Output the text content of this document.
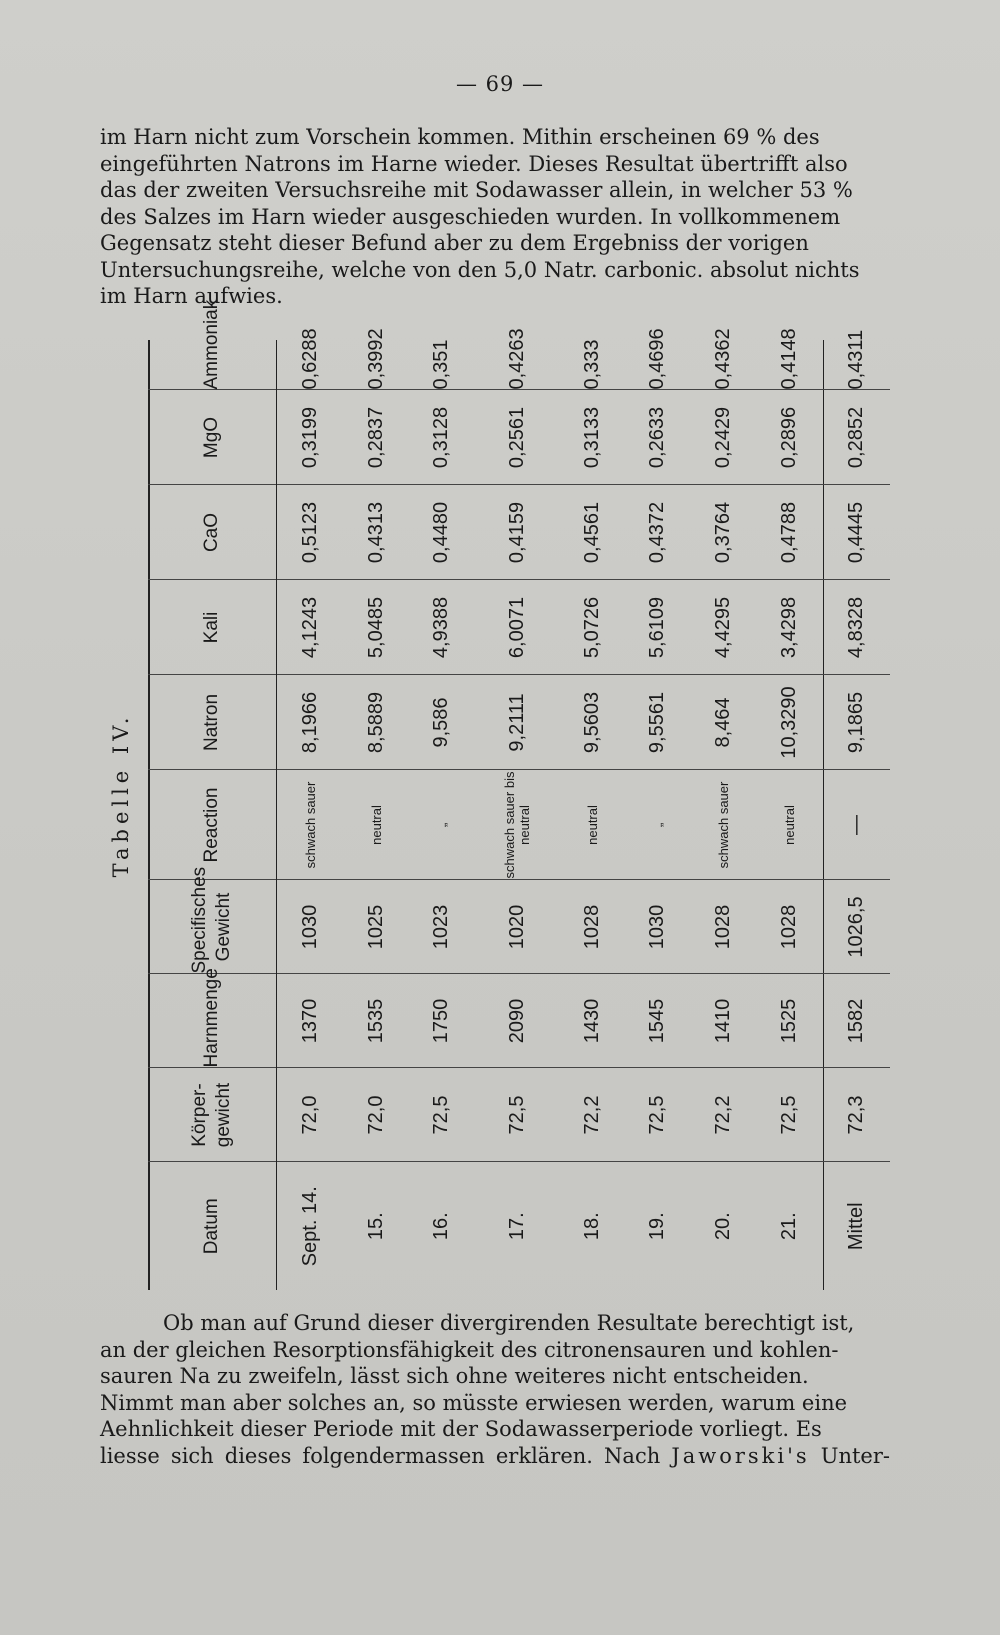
— 69 —

im Harn nicht zum Vorschein kommen. Mithin erscheinen 69 % des

eingeführten Natrons im Harne wieder. Dieses Resultat übertrifft also

das der zweiten Versuchsreihe mit Sodawasser allein, in welcher 53 %

des Salzes im Harn wieder ausgeschieden wurden. In vollkommenem

Gegensatz steht dieser Befund aber zu dem Ergebniss der vorigen

Untersuchungsreihe, welche von den 5,0 Natr. carbonic. absolut nichts

im Harn aufwies.

Tabelle IV.
Datum	Körper-gewicht	Harnmenge	Specifisches Gewicht	Reaction	Natron	Kali	CaO	MgO	Ammoniak
Sept. 14.	72,0	1370	1030	schwach sauer	8,1966	4,1243	0,5123	0,3199	0,6288
15.	72,0	1535	1025	neutral	8,5889	5,0485	0,4313	0,2837	0,3992
16.	72,5	1750	1023	„	9,586	4,9388	0,4480	0,3128	0,351
17.	72,5	2090	1020	schwach sauer bis neutral	9,2111	6,0071	0,4159	0,2561	0,4263
18.	72,2	1430	1028	neutral	9,5603	5,0726	0,4561	0,3133	0,333
19.	72,5	1545	1030	„	9,5561	5,6109	0,4372	0,2633	0,4696
20.	72,2	1410	1028	schwach sauer	8,464	4,4295	0,3764	0,2429	0,4362
21.	72,5	1525	1028	neutral	10,3290	3,4298	0,4788	0,2896	0,4148
Mittel	72,3	1582	1026,5	—	9,1865	4,8328	0,4445	0,2852	0,4311

Ob man auf Grund dieser divergirenden Resultate berechtigt ist,

an der gleichen Resorptionsfähigkeit des citronensauren und kohlen-

sauren Na zu zweifeln, lässt sich ohne weiteres nicht entscheiden.

Nimmt man aber solches an, so müsste erwiesen werden, warum eine

Aehnlichkeit dieser Periode mit der Sodawasserperiode vorliegt. Es

liesse sich dieses folgendermassen erklären. Nach Jaworski's Unter-
